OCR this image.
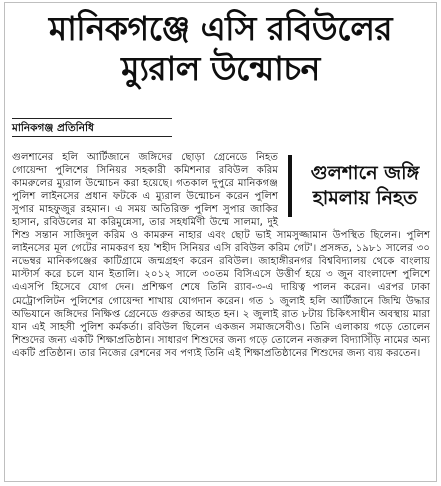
মানিকগঞ্জে এসি রবিউলের
ম্যুরাল উন্মোচন
মানিকগঞ্জ প্রতিনিধি
গুলশানে জঙ্গি
হামলায় নিহত

গুলশানের হলি আর্টিজানে জঙ্গিদের ছোড়া গ্রেনেডে নিহত গোয়েন্দা পুলিশের সিনিয়র সহকারী কমিশনার রবিউল করিম কামরুলের ম্যুরাল উন্মোচন করা হয়েছে। গতকাল দুপুরে মানিকগঞ্জ পুলিশ লাইনসের প্রধান ফটকে এ ম্যুরাল উন্মোচন করেন পুলিশ সুপার মাহফুজুর রহমান। এ সময় অতিরিক্ত পুলিশ সুপার জাকির হাসান, রবিউলের মা করিমুন্নেসা, তার সহধর্মিণী উম্মে সালমা, দুই শিশু সন্তান সাজিদুল করিম ও কামরুন নাহার এবং ছোট ভাই সামসুজ্জামান উপস্থিত ছিলেন। পুলিশ লাইনসের মূল গেটের নামকরণ হয় 'শহীদ সিনিয়র এসি রবিউল করিম গেট'। প্রসঙ্গত, ১৯৮১ সালের ৩০ নভেম্বর মানিকগঞ্জের কাটিগ্রামে জন্মগ্রহণ করেন রবিউল। জাহাঙ্গীরনগর বিশ্ববিদ্যালয় থেকে বাংলায় মাস্টার্স করে চলে যান ইতালি। ২০১২ সালে ৩০তম বিসিএসে উত্তীর্ণ হয়ে ৩ জুন বাংলাদেশ পুলিশে এএসপি হিসেবে যোগ দেন। প্রশিক্ষণ শেষে তিনি র‌্যাব-৩-এ দায়িত্ব পালন করেন। এরপর ঢাকা মেট্রোপলিটন পুলিশের গোয়েন্দা শাখায় যোগদান করেন। গত ১ জুলাই হলি আর্টিজানে জিম্মি উদ্ধার অভিযানে জঙ্গিদের নিক্ষিপ্ত গ্রেনেডে গুরুতর আহত হন। ২ জুলাই রাত ৮টায় চিকিৎসাধীন অবস্থায় মারা যান এই সাহসী পুলিশ কর্মকর্তা। রবিউল ছিলেন একজন সমাজসেবীও। তিনি এলাকায় গড়ে তোলেন শিশুদের জন্য একটি শিক্ষাপ্রতিষ্ঠান। সাধারণ শিশুদের জন্য গড়ে তোলেন নজরুল বিদ্যাসিঁড়ি নামের অন্য একটি প্রতিষ্ঠান। তার নিজের রেশনের সব পণ্যই তিনি এই শিক্ষাপ্রতিষ্ঠানের শিশুদের জন্য ব্যয় করতেন।
